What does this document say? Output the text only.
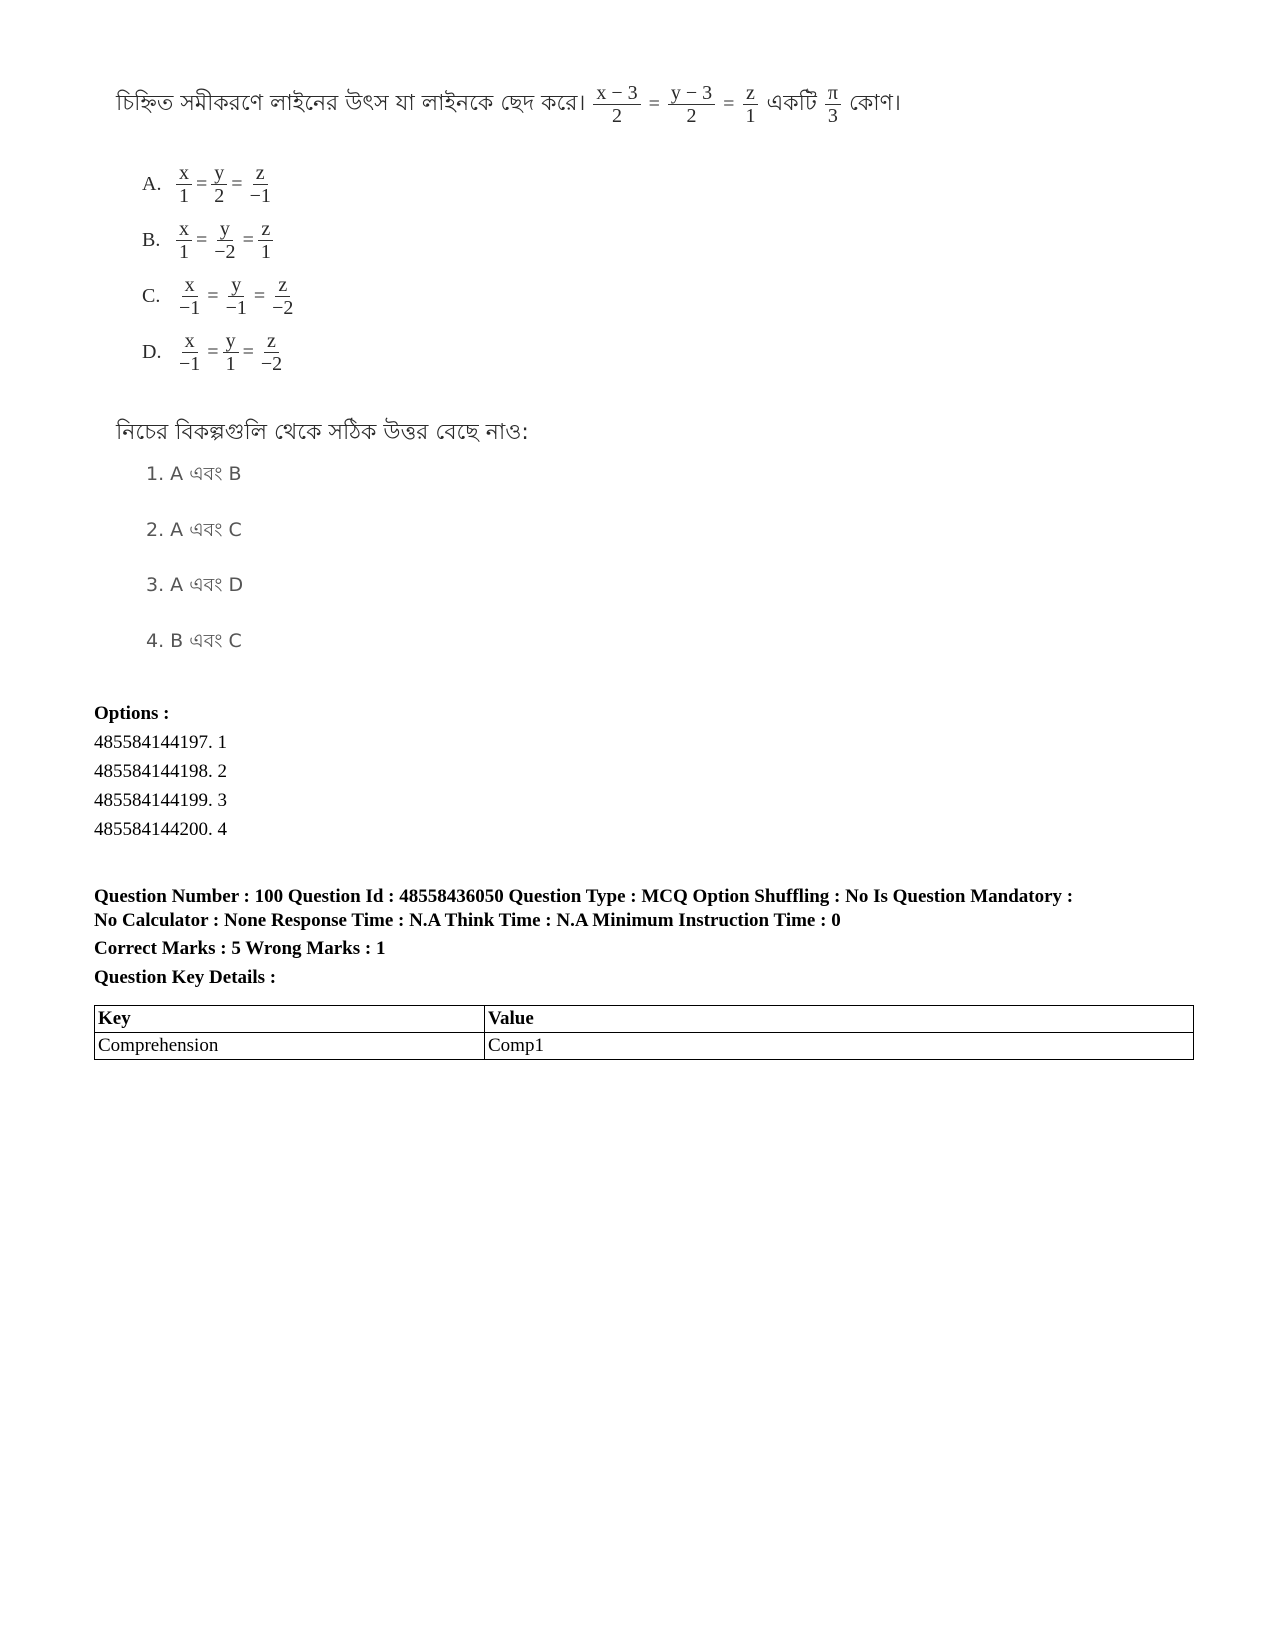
চিহ্নিত সমীকরণে লাইনের উৎস যা লাইনকে ছেদ করে। $\frac{x - 3}{2} = \frac{y - 3}{2} = \frac{z}{1}$ একটি $\frac{\pi}{3}$ কোণ।
A. $\frac{x}{1} = \frac{y}{2} = \frac{z}{-1}$
B. $\frac{x}{1} = \frac{y}{-2} = \frac{z}{1}$
C. $\frac{x}{-1} = \frac{y}{-1} = \frac{z}{-2}$
D. $\frac{x}{-1} = \frac{y}{1} = \frac{z}{-2}$
নিচের বিকল্পগুলি থেকে সঠিক উত্তর বেছে নাও:
1. A এবং B
2. A এবং C
3. A এবং D
4. B এবং C
Options :
485584144197. 1
485584144198. 2
485584144199. 3
485584144200. 4
Question Number : 100 Question Id : 48558436050 Question Type : MCQ Option Shuffling : No Is Question Mandatory :
No Calculator : None Response Time : N.A Think Time : N.A Minimum Instruction Time : 0
Correct Marks : 5 Wrong Marks : 1
Question Key Details :
Key	Value
Comprehension	Comp1
